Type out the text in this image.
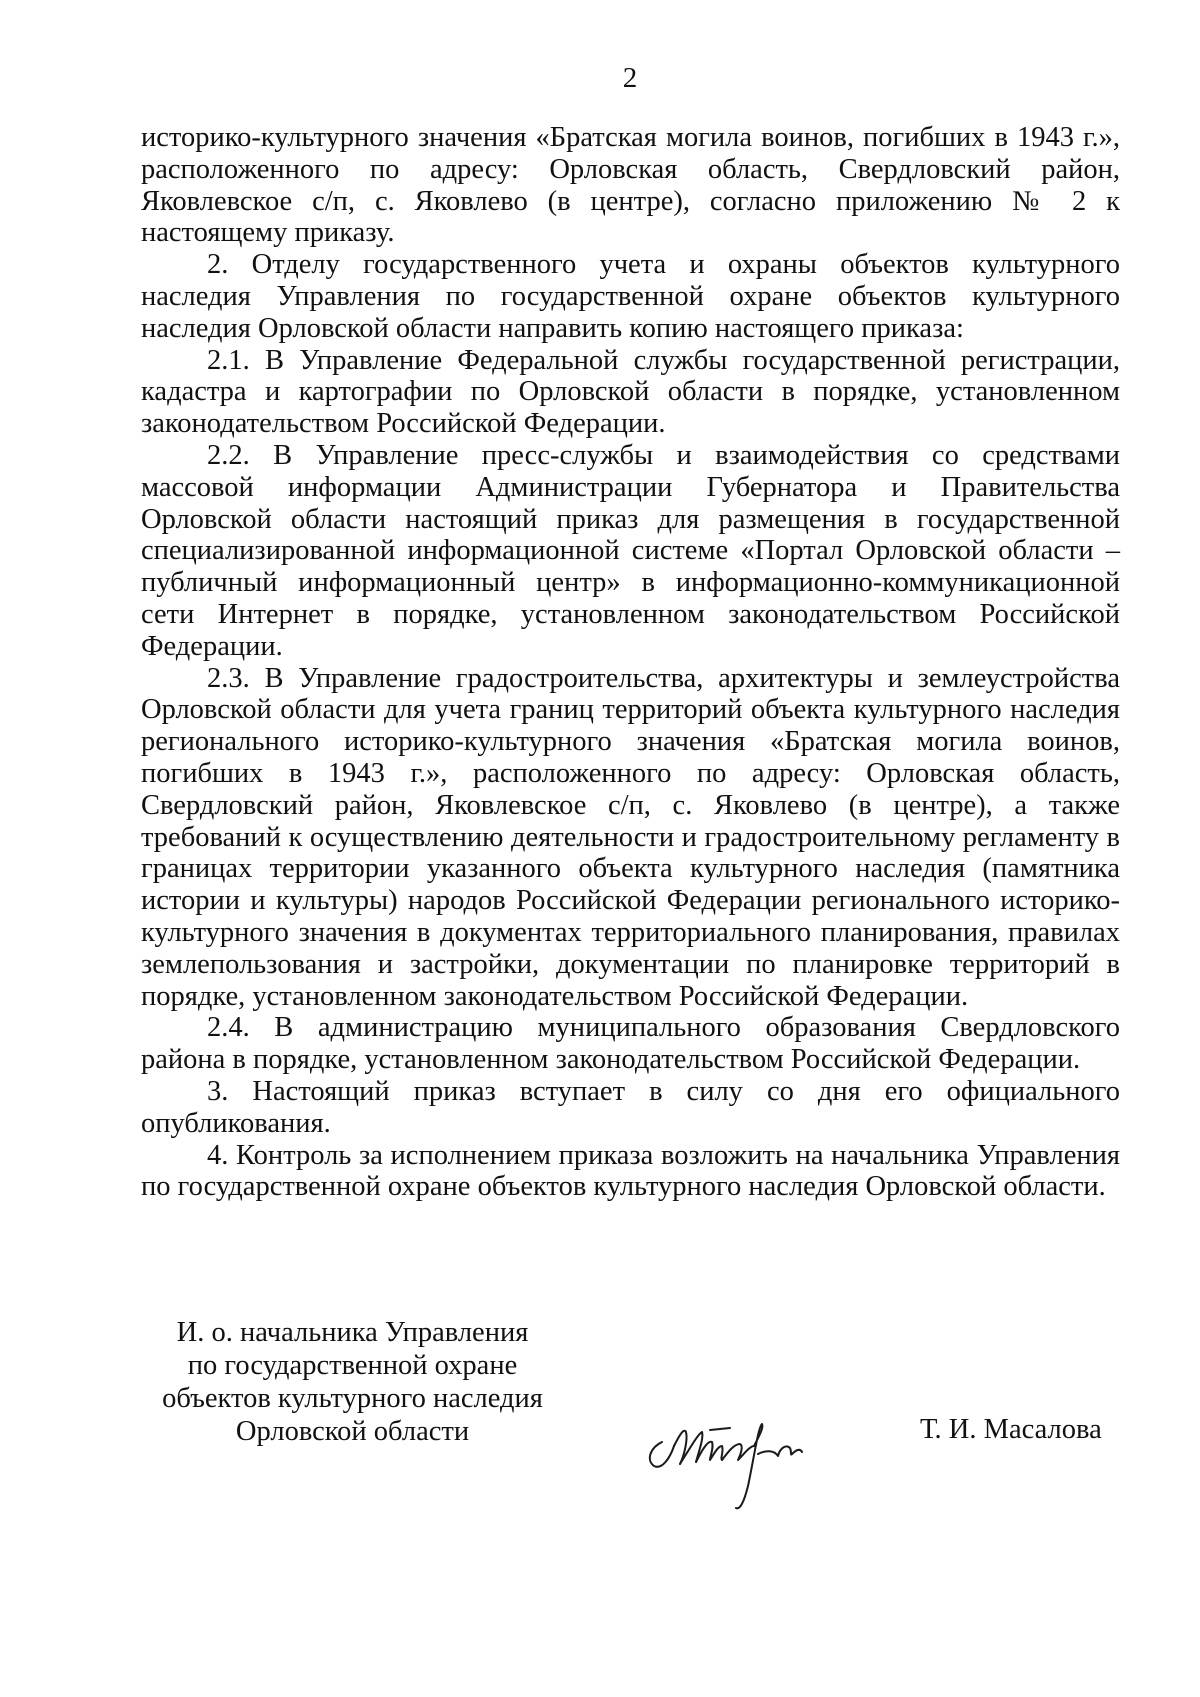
2

историко-культурного значения «Братская могила воинов, погибших в 1943 г.», расположенного по адресу: Орловская область, Свердловский район, Яковлевское с/п, с. Яковлево (в центре), согласно приложению № 2 к настоящему приказу.

2. Отделу государственного учета и охраны объектов культурного наследия Управления по государственной охране объектов культурного наследия Орловской области направить копию настоящего приказа:

2.1. В Управление Федеральной службы государственной регистрации, кадастра и картографии по Орловской области в порядке, установленном законодательством Российской Федерации.

2.2. В Управление пресс-службы и взаимодействия со средствами массовой информации Администрации Губернатора и Правительства Орловской области настоящий приказ для размещения в государственной специализированной информационной системе «Портал Орловской области – публичный информационный центр» в информационно-коммуникационной сети Интернет в порядке, установленном законодательством Российской Федерации.

2.3. В Управление градостроительства, архитектуры и землеустройства Орловской области для учета границ территорий объекта культурного наследия регионального историко-культурного значения «Братская могила воинов, погибших в 1943 г.», расположенного по адресу: Орловская область, Свердловский район, Яковлевское с/п, с. Яковлево (в центре), а также требований к осуществлению деятельности и градостроительному регламенту в границах территории указанного объекта культурного наследия (памятника истории и культуры) народов Российской Федерации регионального историко-культурного значения в документах территориального планирования, правилах землепользования и застройки, документации по планировке территорий в порядке, установленном законодательством Российской Федерации.

2.4. В администрацию муниципального образования Свердловского района в порядке, установленном законодательством Российской Федерации.

3. Настоящий приказ вступает в силу со дня его официального опубликования.

4. Контроль за исполнением приказа возложить на начальника Управления по государственной охране объектов культурного наследия Орловской области.

И. о. начальника Управления
по государственной охране
объектов культурного наследия
Орловской области	Т. И. Масалова
